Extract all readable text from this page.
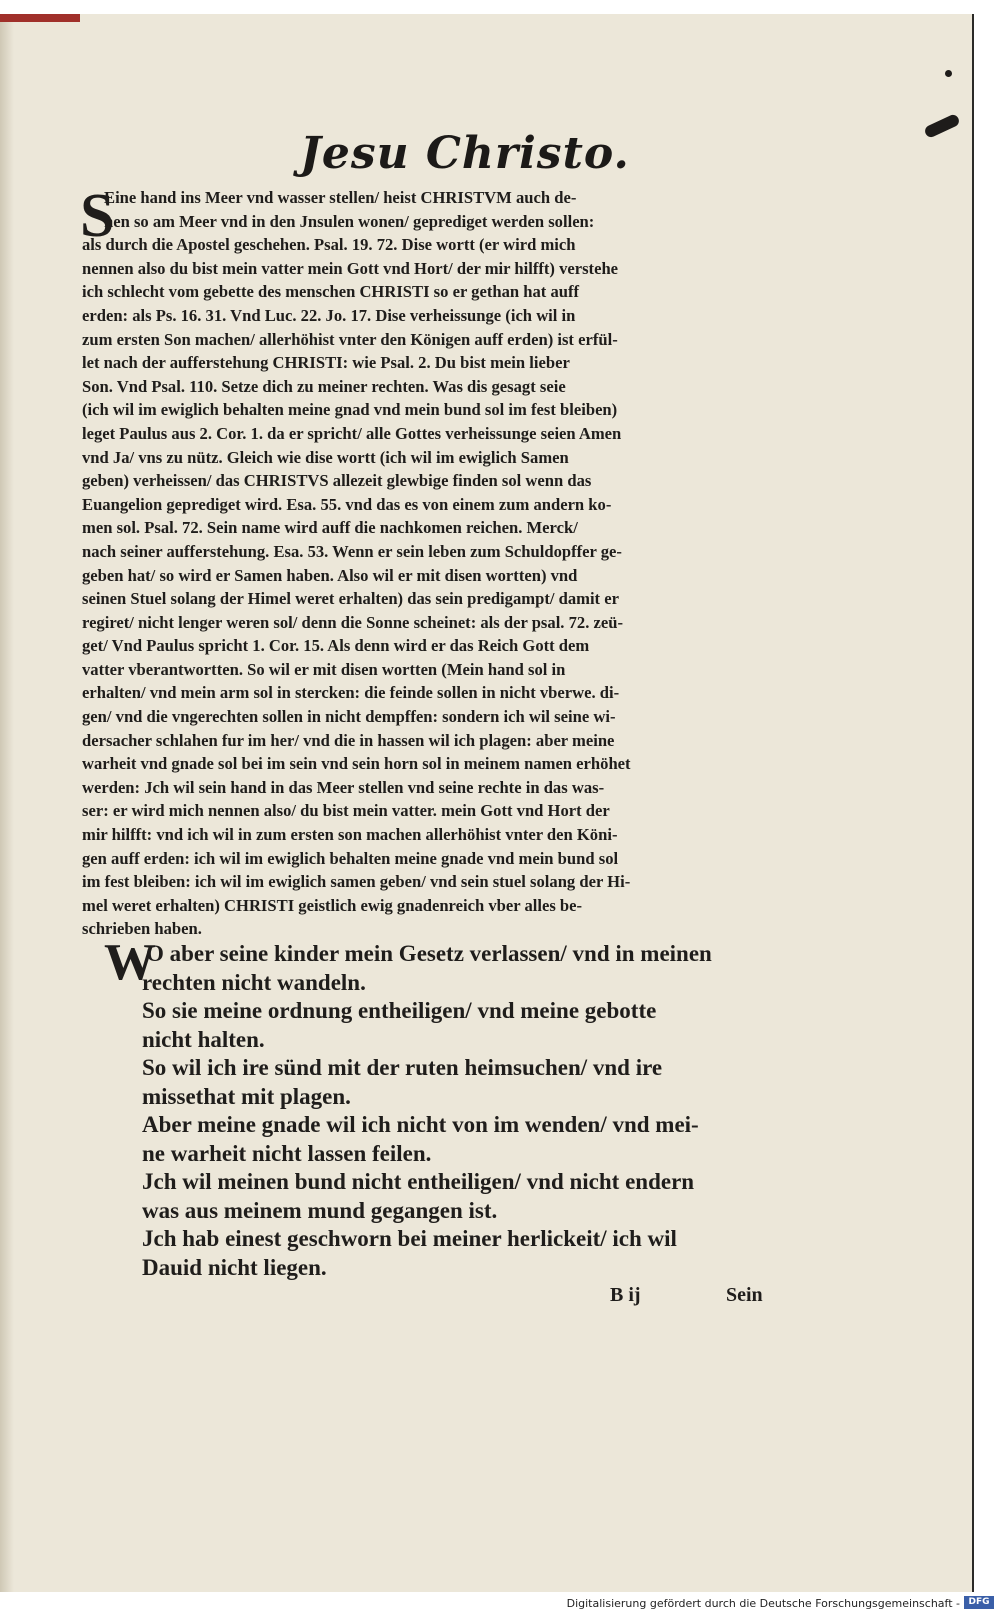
Jesu Christo.
S
Eine hand ins Meer vnd wasser stellen/ heist CHRISTVM auch de-
nen so am Meer vnd in den Jnsulen wonen/ geprediget werden sollen:
als durch die Apostel geschehen. Psal. 19. 72. Dise wortt (er wird mich
nennen also du bist mein vatter mein Gott vnd Hort/ der mir hilfft) verstehe
ich schlecht vom gebette des menschen CHRISTI so er gethan hat auff
erden: als Ps. 16. 31. Vnd Luc. 22. Jo. 17. Dise verheissunge (ich wil in
zum ersten Son machen/ allerhöhist vnter den Königen auff erden) ist erfül-
let nach der aufferstehung CHRISTI: wie Psal. 2. Du bist mein lieber
Son. Vnd Psal. 110. Setze dich zu meiner rechten. Was dis gesagt seie
(ich wil im ewiglich behalten meine gnad vnd mein bund sol im fest bleiben)
leget Paulus aus 2. Cor. 1. da er spricht/ alle Gottes verheissunge seien Amen
vnd Ja/ vns zu nütz. Gleich wie dise wortt (ich wil im ewiglich Samen
geben) verheissen/ das CHRISTVS allezeit glewbige finden sol wenn das
Euangelion geprediget wird. Esa. 55. vnd das es von einem zum andern ko-
men sol. Psal. 72. Sein name wird auff die nachkomen reichen. Merck/
nach seiner aufferstehung. Esa. 53. Wenn er sein leben zum Schuldopffer ge-
geben hat/ so wird er Samen haben. Also wil er mit disen wortten) vnd
seinen Stuel solang der Himel weret erhalten) das sein predigampt/ damit er
regiret/ nicht lenger weren sol/ denn die Sonne scheinet: als der psal. 72. zeü-
get/ Vnd Paulus spricht 1. Cor. 15. Als denn wird er das Reich Gott dem
vatter vberantwortten. So wil er mit disen wortten (Mein hand sol in
erhalten/ vnd mein arm sol in stercken: die feinde sollen in nicht vberwe. di-
gen/ vnd die vngerechten sollen in nicht dempffen: sondern ich wil seine wi-
dersacher schlahen fur im her/ vnd die in hassen wil ich plagen: aber meine
warheit vnd gnade sol bei im sein vnd sein horn sol in meinem namen erhöhet
werden: Jch wil sein hand in das Meer stellen vnd seine rechte in das was-
ser: er wird mich nennen also/ du bist mein vatter. mein Gott vnd Hort der
mir hilfft: vnd ich wil in zum ersten son machen allerhöhist vnter den Köni-
gen auff erden: ich wil im ewiglich behalten meine gnade vnd mein bund sol
im fest bleiben: ich wil im ewiglich samen geben/ vnd sein stuel solang der Hi-
mel weret erhalten) CHRISTI geistlich ewig gnadenreich vber alles be-
schrieben haben.
W
O aber seine kinder mein Gesetz verlassen/ vnd in meinen
rechten nicht wandeln.
So sie meine ordnung entheiligen/ vnd meine gebotte
nicht halten.
So wil ich ire sünd mit der ruten heimsuchen/ vnd ire
missethat mit plagen.
Aber meine gnade wil ich nicht von im wenden/ vnd mei-
ne warheit nicht lassen feilen.
Jch wil meinen bund nicht entheiligen/ vnd nicht endern
was aus meinem mund gegangen ist.
Jch hab einest geschworn bei meiner herlickeit/ ich wil
Dauid nicht liegen.
B ij	Sein
Digitalisierung gefördert durch die Deutsche Forschungsgemeinschaft - DFG
